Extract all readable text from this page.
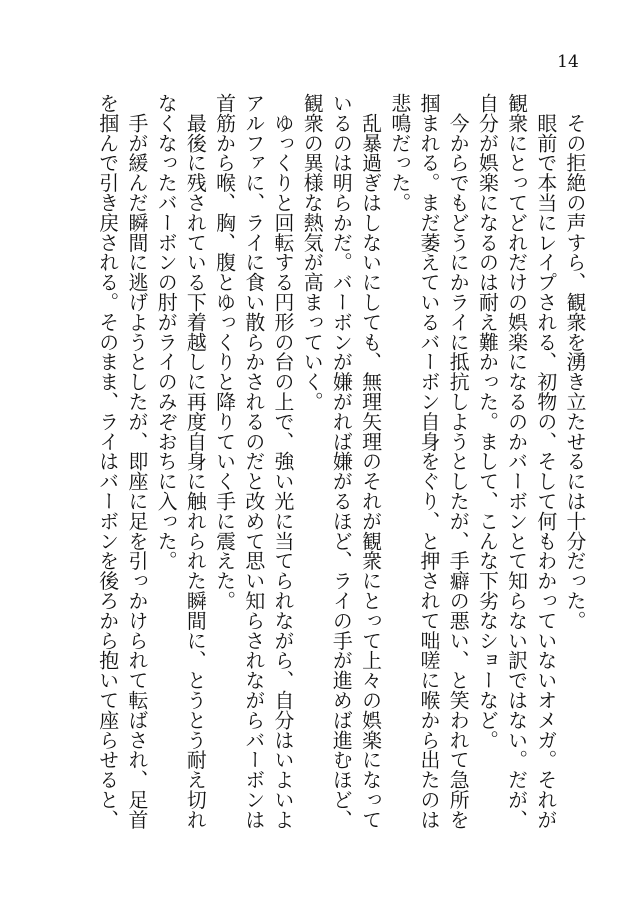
14
　その拒絶の声すら、観衆を湧き立たせるには十分だった。
　眼前で本当にレイプされる、初物の、そして何もわかっていないオメガ。それが
観衆にとってどれだけの娯楽になるのかバーボンとて知らない訳ではない。だが、
自分が娯楽になるのは耐え難かった。まして、こんな下劣なショーなど。
　今からでもどうにかライに抵抗しようとしたが、手癖の悪い、と笑われて急所を
掴まれる。まだ萎えているバーボン自身をぐり、と押されて咄嗟に喉から出たのは
悲鳴だった。
　乱暴過ぎはしないにしても、無理矢理のそれが観衆にとって上々の娯楽になって
いるのは明らかだ。バーボンが嫌がれば嫌がるほど、ライの手が進めば進むほど、
観衆の異様な熱気が高まっていく。
　ゆっくりと回転する円形の台の上で、強い光に当てられながら、自分はいよいよ
アルファに、ライに食い散らかされるのだと改めて思い知らされながらバーボンは
首筋から喉、胸、腹とゆっくりと降りていく手に震えた。
　最後に残されている下着越しに再度自身に触れられた瞬間に、とうとう耐え切れ
なくなったバーボンの肘がライのみぞおちに入った。
　手が緩んだ瞬間に逃げようとしたが、即座に足を引っかけられて転ばされ、足首
を掴んで引き戻される。そのまま、ライはバーボンを後ろから抱いて座らせると、
